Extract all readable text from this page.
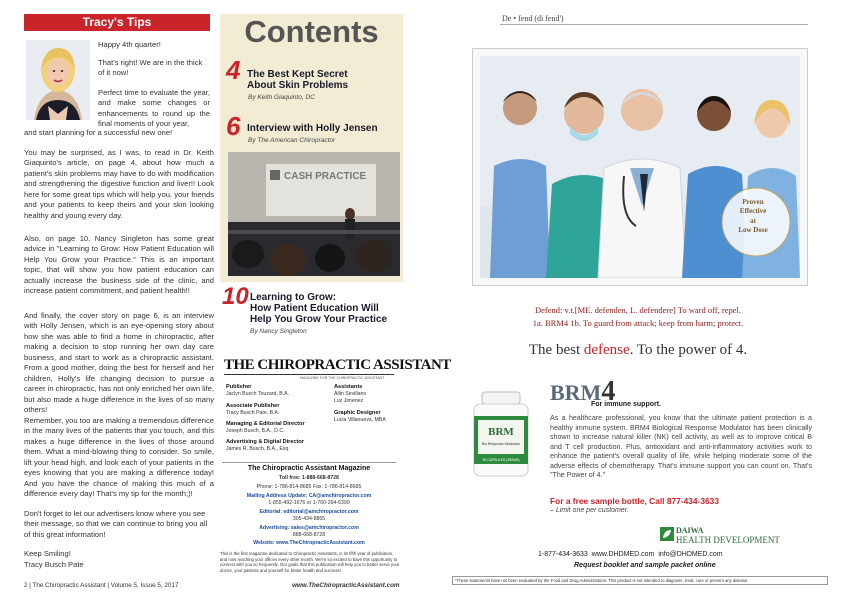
Tracy's Tips
Happy 4th quarter!
That's right! We are in the thick of it now!
Perfect time to evaluate the year, and make some changes or enhancements to round up the final moments of your year,
and start planning for a successful new one!
You may be surprised, as I was, to read in Dr. Keith Giaquinto's article, on page 4, about how much a patient's skin problems may have to do with modification and strengthening the digestive function and liver!! Look here for some great tips which will help you, your friends and your patients to keep theirs and your skin looking healthy and young every day.
Also, on page 10, Nancy Singleton has some great advice in "Learning to Grow: How Patient Education will Help You Grow your Practice." This is an important topic, that will show you how patient education can actually increase the business side of the clinic, and increase patient commitment, and patient health!!
And finally, the cover story on page 6, is an interview with Holly Jensen, which is an eye-opening story about how she was able to find a home in chiropractic, after making a decision to stop running her own day care business, and start to work as a chiropractic assistant. From a good mother, doing the best for herself and her children, Holly's life changing decision to pursue a career in chiropractic, has not only enriched her own life, but also made a huge difference in the lives of so many others!
Remember, you too are making a tremendous difference in the many lives of the patients that you touch, and this makes a huge difference in the lives of those around them. What a mind-blowing thing to consider. So smile, lift your head high, and look each of your patients in the eyes knowing that you are making a difference today! And you have the chance of making this much of a difference every day! That's my tip for the month;)!
Don't forget to let our advertisers know where you see their message, so that we can continue to bring you all of this great information!
Keep Smiling!
Tracy Busch Pate
Contents
4 The Best Kept Secret
About Skin Problems
By Keith Giaquinto, DC
6 Interview with Holly Jensen
By The American Chiropractor
CASH PRACTICE
10 Learning to Grow:
How Patient Education Will
Help You Grow Your Practice
By Nancy Singleton
THE CHIROPRACTIC ASSISTANT
MAGAZINE FOR THE CHIROPRACTIC ASSISTANT
Publisher
Jaclyn Busch Touzard, B.A.
Associate Publisher
Tracy Busch Pate, B.A.
Managing & Editorial Director
Joseph Busch, B.A., D.C.
Advertising & Digital Director
James R. Busch, B.A., Esq.
Assistants
Allin Sevillano
Luz Jimenez
Graphic Designer
Lucia Villanueva, MBA
The Chiropractic Assistant Magazine
Toll free: 1-888-668-8728
Phone: 1-786-814-8685 Fax: 1-786-814-8685
Mailing Address Update: CA@amchiropractor.com
1-855-492-1676 or 1-760-294-6390
Editorial: editorial@amchiropractor.com
305-434-8865
Advertising: sales@amchiropractor.com
888-668-8728
Website: www.TheChiropracticAssistant.com
This is the first magazine dedicated to Chiropractic Assistants, in its fifth year of publication, and now reaching your offices every other month. We're so excited to have this opportunity to connect with you so frequently. Our goals that this publication will help you to better serve your doctor, your patients and yourself for better health and success!
2 | The Chiropractic Assistant | Volume 5, Issue 5, 2017	www.TheChiropracticAssistant.com
De • fend (di fend')
Proven
Effective
at
Low Dose
Defend: v.t.[ME. defenden, L. defendere] To ward off, repel.
1a. BRM4 1b. To guard from attack; keep from harm; protect.
The best defense. To the power of 4.
BRM4
For immune support.
BRM
Bio Response Modulator
90 CAPSULES (250MG)
As a healthcare professional, you know that the ultimate patient protection is a healthy immune system. BRM4 Biological Response Modulator has been clinically shown to increase natural killer (NK) cell activity, as well as to improve critical B and T cell production. Plus, antioxidant and anti-inflammatory activities work to enhance the patient's overall quality of life, while helping moderate some of the adverse effects of chemotherapy. That's immune support you can count on. That's "The Power of 4."
For a free sample bottle, Call 877-434-3633
– Limit one per customer.
DAIWA
HEALTH DEVELOPMENT
1-877-434-3633 www.DHDMED.com info@DHDMED.com
Request booklet and sample packet online
*These statements have not been evaluated by the Food and Drug Administration. This product is not intended to diagnose, treat, cure or prevent any disease.
